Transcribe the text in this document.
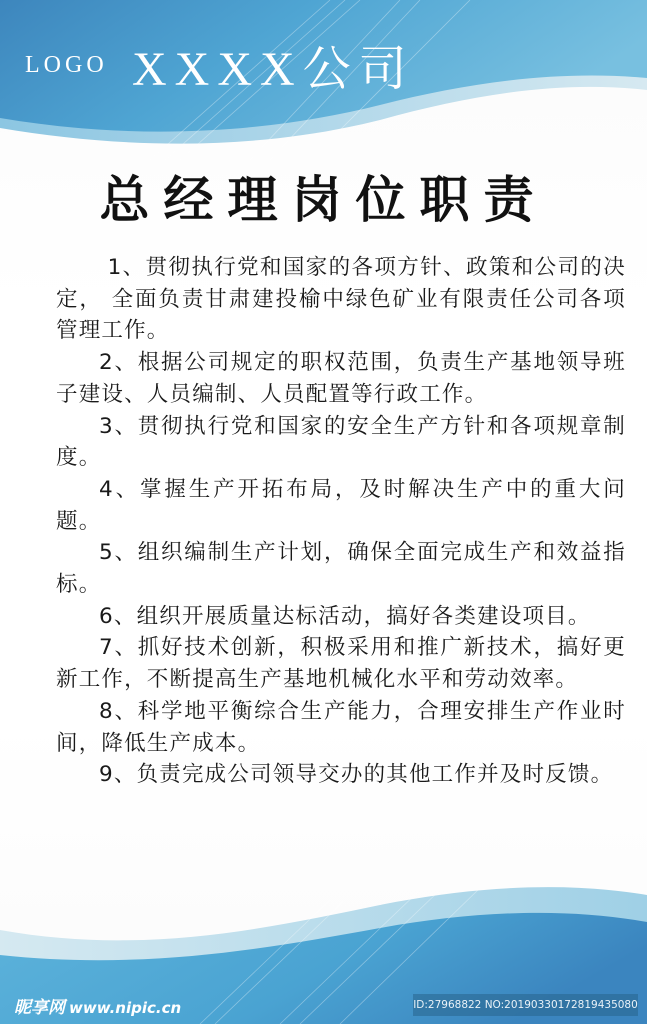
LOGO XXXX公司
总经理岗位职责

1、贯彻执行党和国家的各项方针、政策和公司的决定， 全面负责甘肃建投榆中绿色矿业有限责任公司各项管理工作。

2、根据公司规定的职权范围，负责生产基地领导班子建设、人员编制、人员配置等行政工作。

3、贯彻执行党和国家的安全生产方针和各项规章制度。

4、掌握生产开拓布局，及时解决生产中的重大问题。

5、组织编制生产计划，确保全面完成生产和效益指标。

6、组织开展质量达标活动，搞好各类建设项目。

7、抓好技术创新，积极采用和推广新技术，搞好更新工作，不断提高生产基地机械化水平和劳动效率。

8、科学地平衡综合生产能力，合理安排生产作业时间，降低生产成本。

9、负责完成公司领导交办的其他工作并及时反馈。

昵享网 www.nipic.cn	ID:27968822 NO:20190330172819435080
